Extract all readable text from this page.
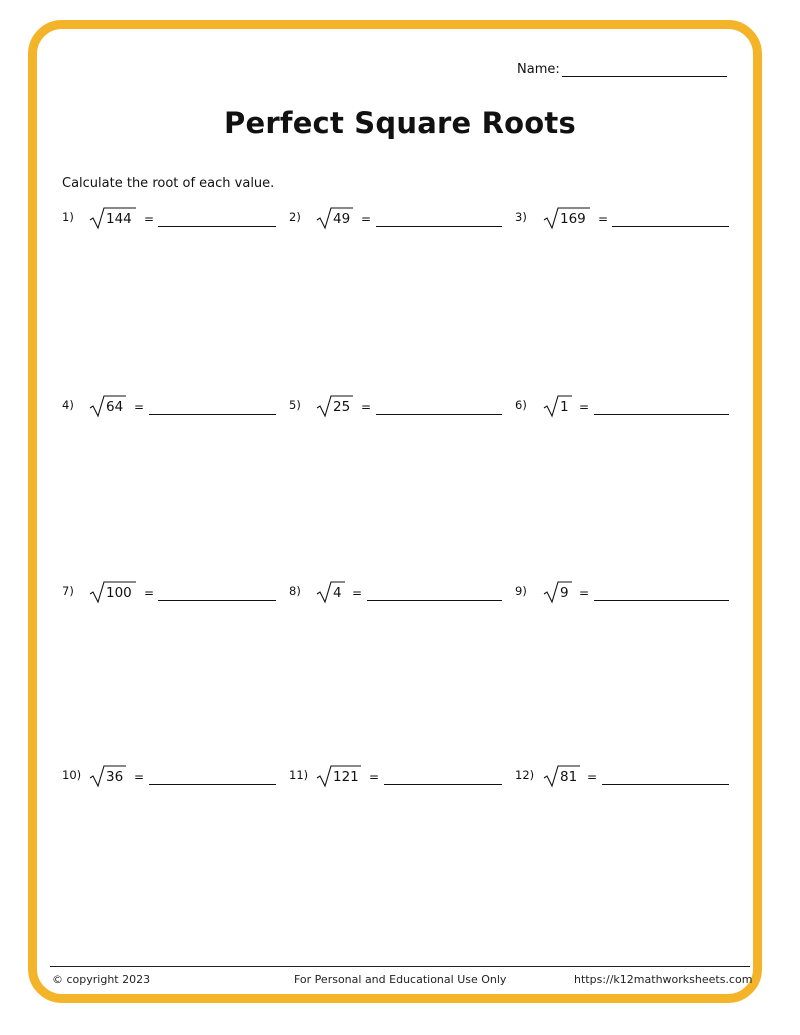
Name:
Perfect Square Roots
Calculate the root of each value.
1) 144 =	2) 49 =	3) 169 =
4) 64 =	5) 25 =	6) 1 =
7) 100 =	8) 4 =	9) 9 =
10) 36 =	11) 121 =	12) 81 =
© copyright 2023	For Personal and Educational Use Only	https://k12mathworksheets.com
